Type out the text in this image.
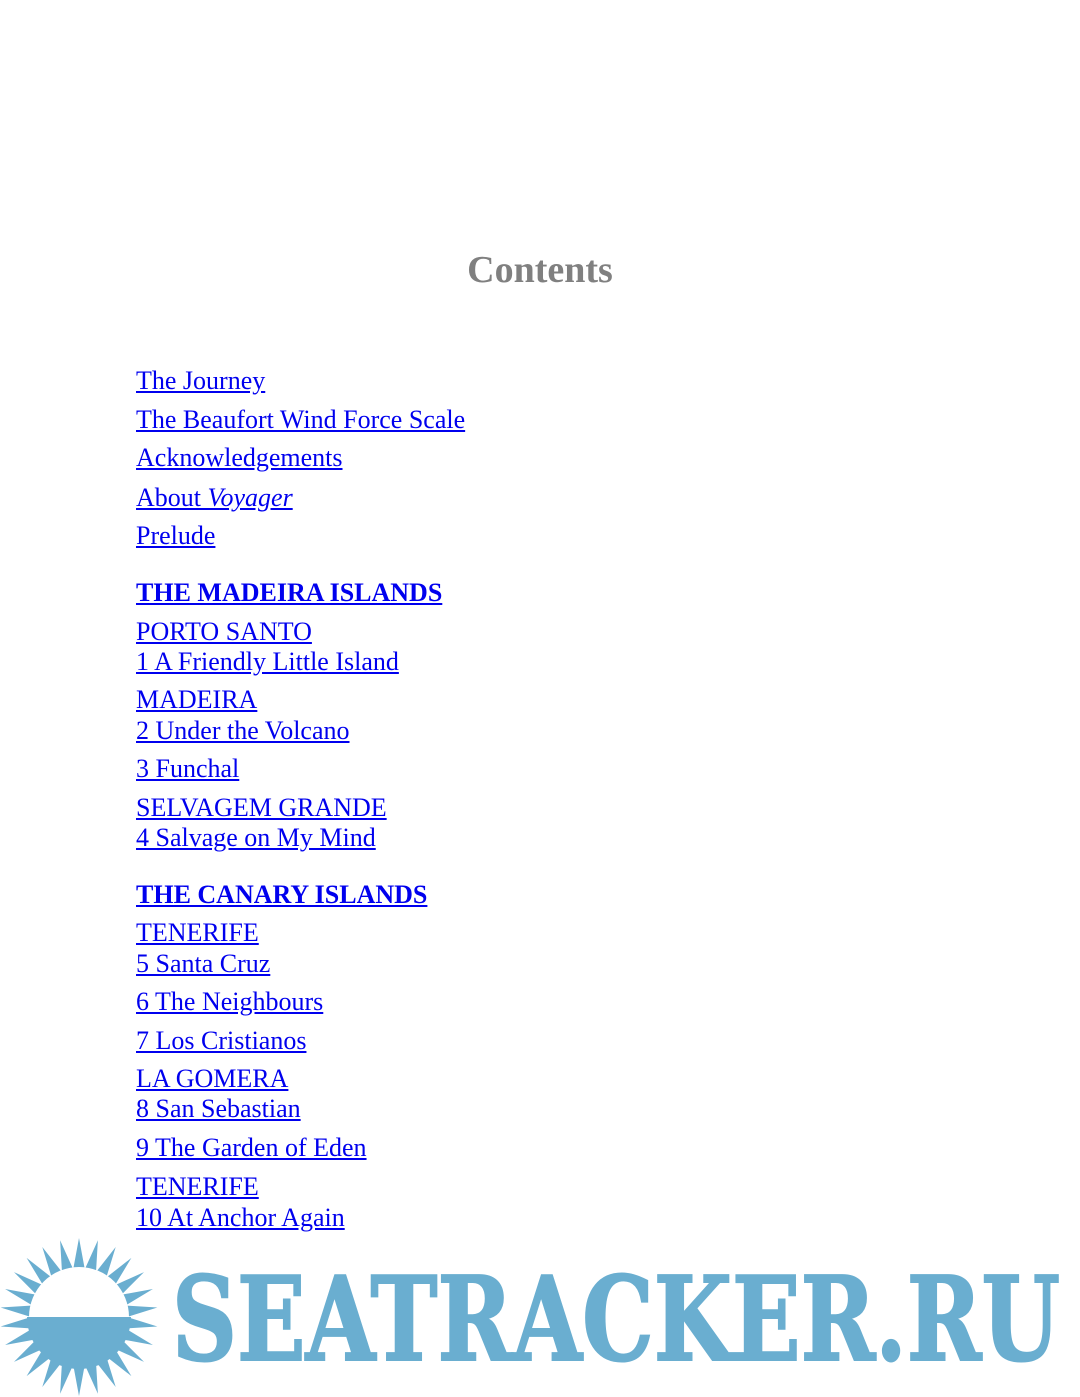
Contents
The Journey
The Beaufort Wind Force Scale
Acknowledgements
About Voyager
Prelude
THE MADEIRA ISLANDS
PORTO SANTO
1 A Friendly Little Island
MADEIRA
2 Under the Volcano
3 Funchal
SELVAGEM GRANDE
4 Salvage on My Mind
THE CANARY ISLANDS
TENERIFE
5 Santa Cruz
6 The Neighbours
7 Los Cristianos
LA GOMERA
8 San Sebastian
9 The Garden of Eden
TENERIFE
10 At Anchor Again
SEATRACKER.RU
